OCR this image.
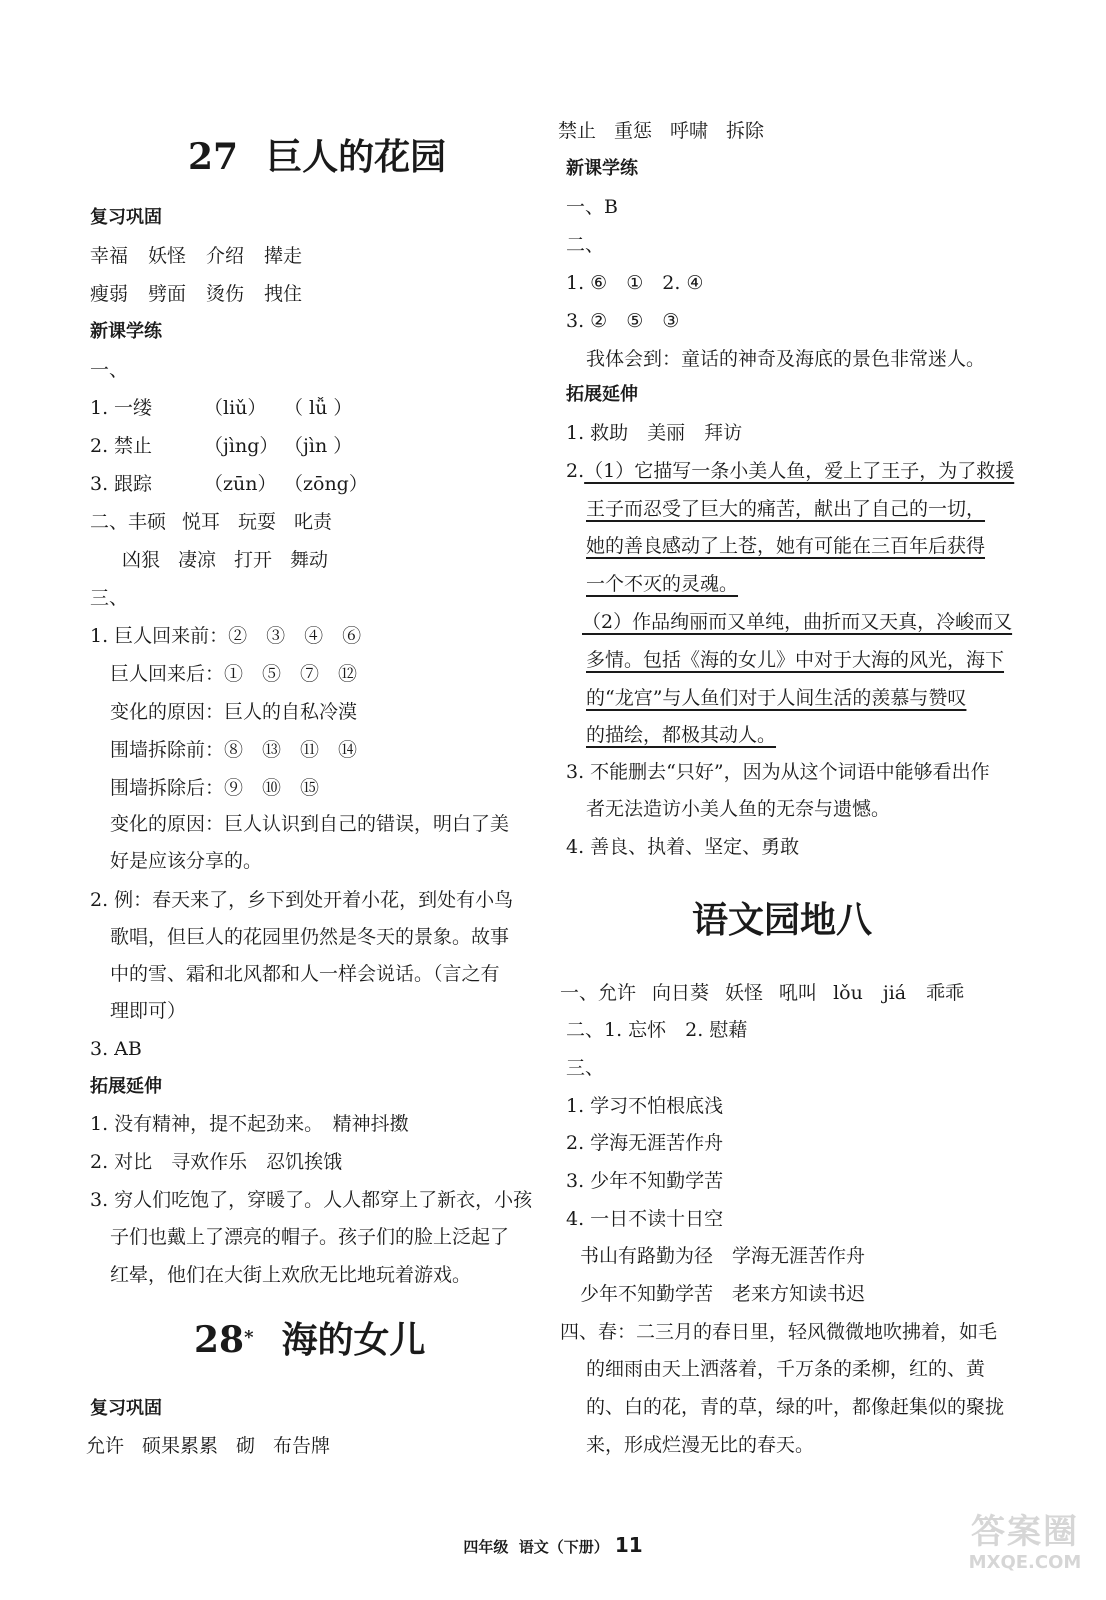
27 巨人的花园
复习巩固
幸福 妖怪 介绍 撵走
瘦弱 劈面 烫伤 拽住
新课学练
一、
1. 一缕	（liǔ） （ lǚ ）
2. 禁止	（jìng） （jìn ）
3. 跟踪	（zūn） （zōng）
二、丰硕 悦耳 玩耍 叱责
凶狠 凄凉 打开 舞动
三、
1. 巨人回来前：②　③　④　⑥
巨人回来后：①　⑤　⑦　⑫
变化的原因：巨人的自私冷漠
围墙拆除前：⑧　⑬　⑪　⑭
围墙拆除后：⑨　⑩　⑮
变化的原因：巨人认识到自己的错误，明白了美
好是应该分享的。
2. 例：春天来了，乡下到处开着小花，到处有小鸟
歌唱，但巨人的花园里仍然是冬天的景象。故事
中的雪、霜和北风都和人一样会说话。（言之有
理即可）
3. AB
拓展延伸
1. 没有精神，提不起劲来。　精神抖擞
2. 对比　寻欢作乐　忍饥挨饿
3. 穷人们吃饱了，穿暖了。人人都穿上了新衣，小孩
子们也戴上了漂亮的帽子。孩子们的脸上泛起了
红晕，他们在大街上欢欣无比地玩着游戏。
28* 海的女儿
复习巩固
允许 硕果累累 砌 布告牌
禁止 重惩 呼啸 拆除
新课学练
一、B
二、
1. ⑥　①　2. ④
3. ②　⑤　③
我体会到：童话的神奇及海底的景色非常迷人。
拓展延伸
1. 救助　美丽　拜访
2.（1）它描写一条小美人鱼，爱上了王子，为了救援
王子而忍受了巨大的痛苦，献出了自己的一切，
她的善良感动了上苍，她有可能在三百年后获得
一个不灭的灵魂。
（2）作品绚丽而又单纯，曲折而又天真，冷峻而又
多情。包括《海的女儿》中对于大海的风光，海下
的“龙宫”与人鱼们对于人间生活的羡慕与赞叹
的描绘，都极其动人。
3. 不能删去“只好”，因为从这个词语中能够看出作
者无法造访小美人鱼的无奈与遗憾。
4. 善良、执着、坚定、勇敢
语文园地八
一、允许 向日葵 妖怪 吼叫 lǒu jiá 乖乖
二、1. 忘怀　2. 慰藉
三、
1. 学习不怕根底浅
2. 学海无涯苦作舟
3. 少年不知勤学苦
4. 一日不读十日空
书山有路勤为径　学海无涯苦作舟
少年不知勤学苦　老来方知读书迟
四、春：二三月的春日里，轻风微微地吹拂着，如毛
的细雨由天上洒落着，千万条的柔柳，红的、黄
的、白的花，青的草，绿的叶，都像赶集似的聚拢
来，形成烂漫无比的春天。
四年级 语文（下册） 11	答案圈
MXQE.COM
